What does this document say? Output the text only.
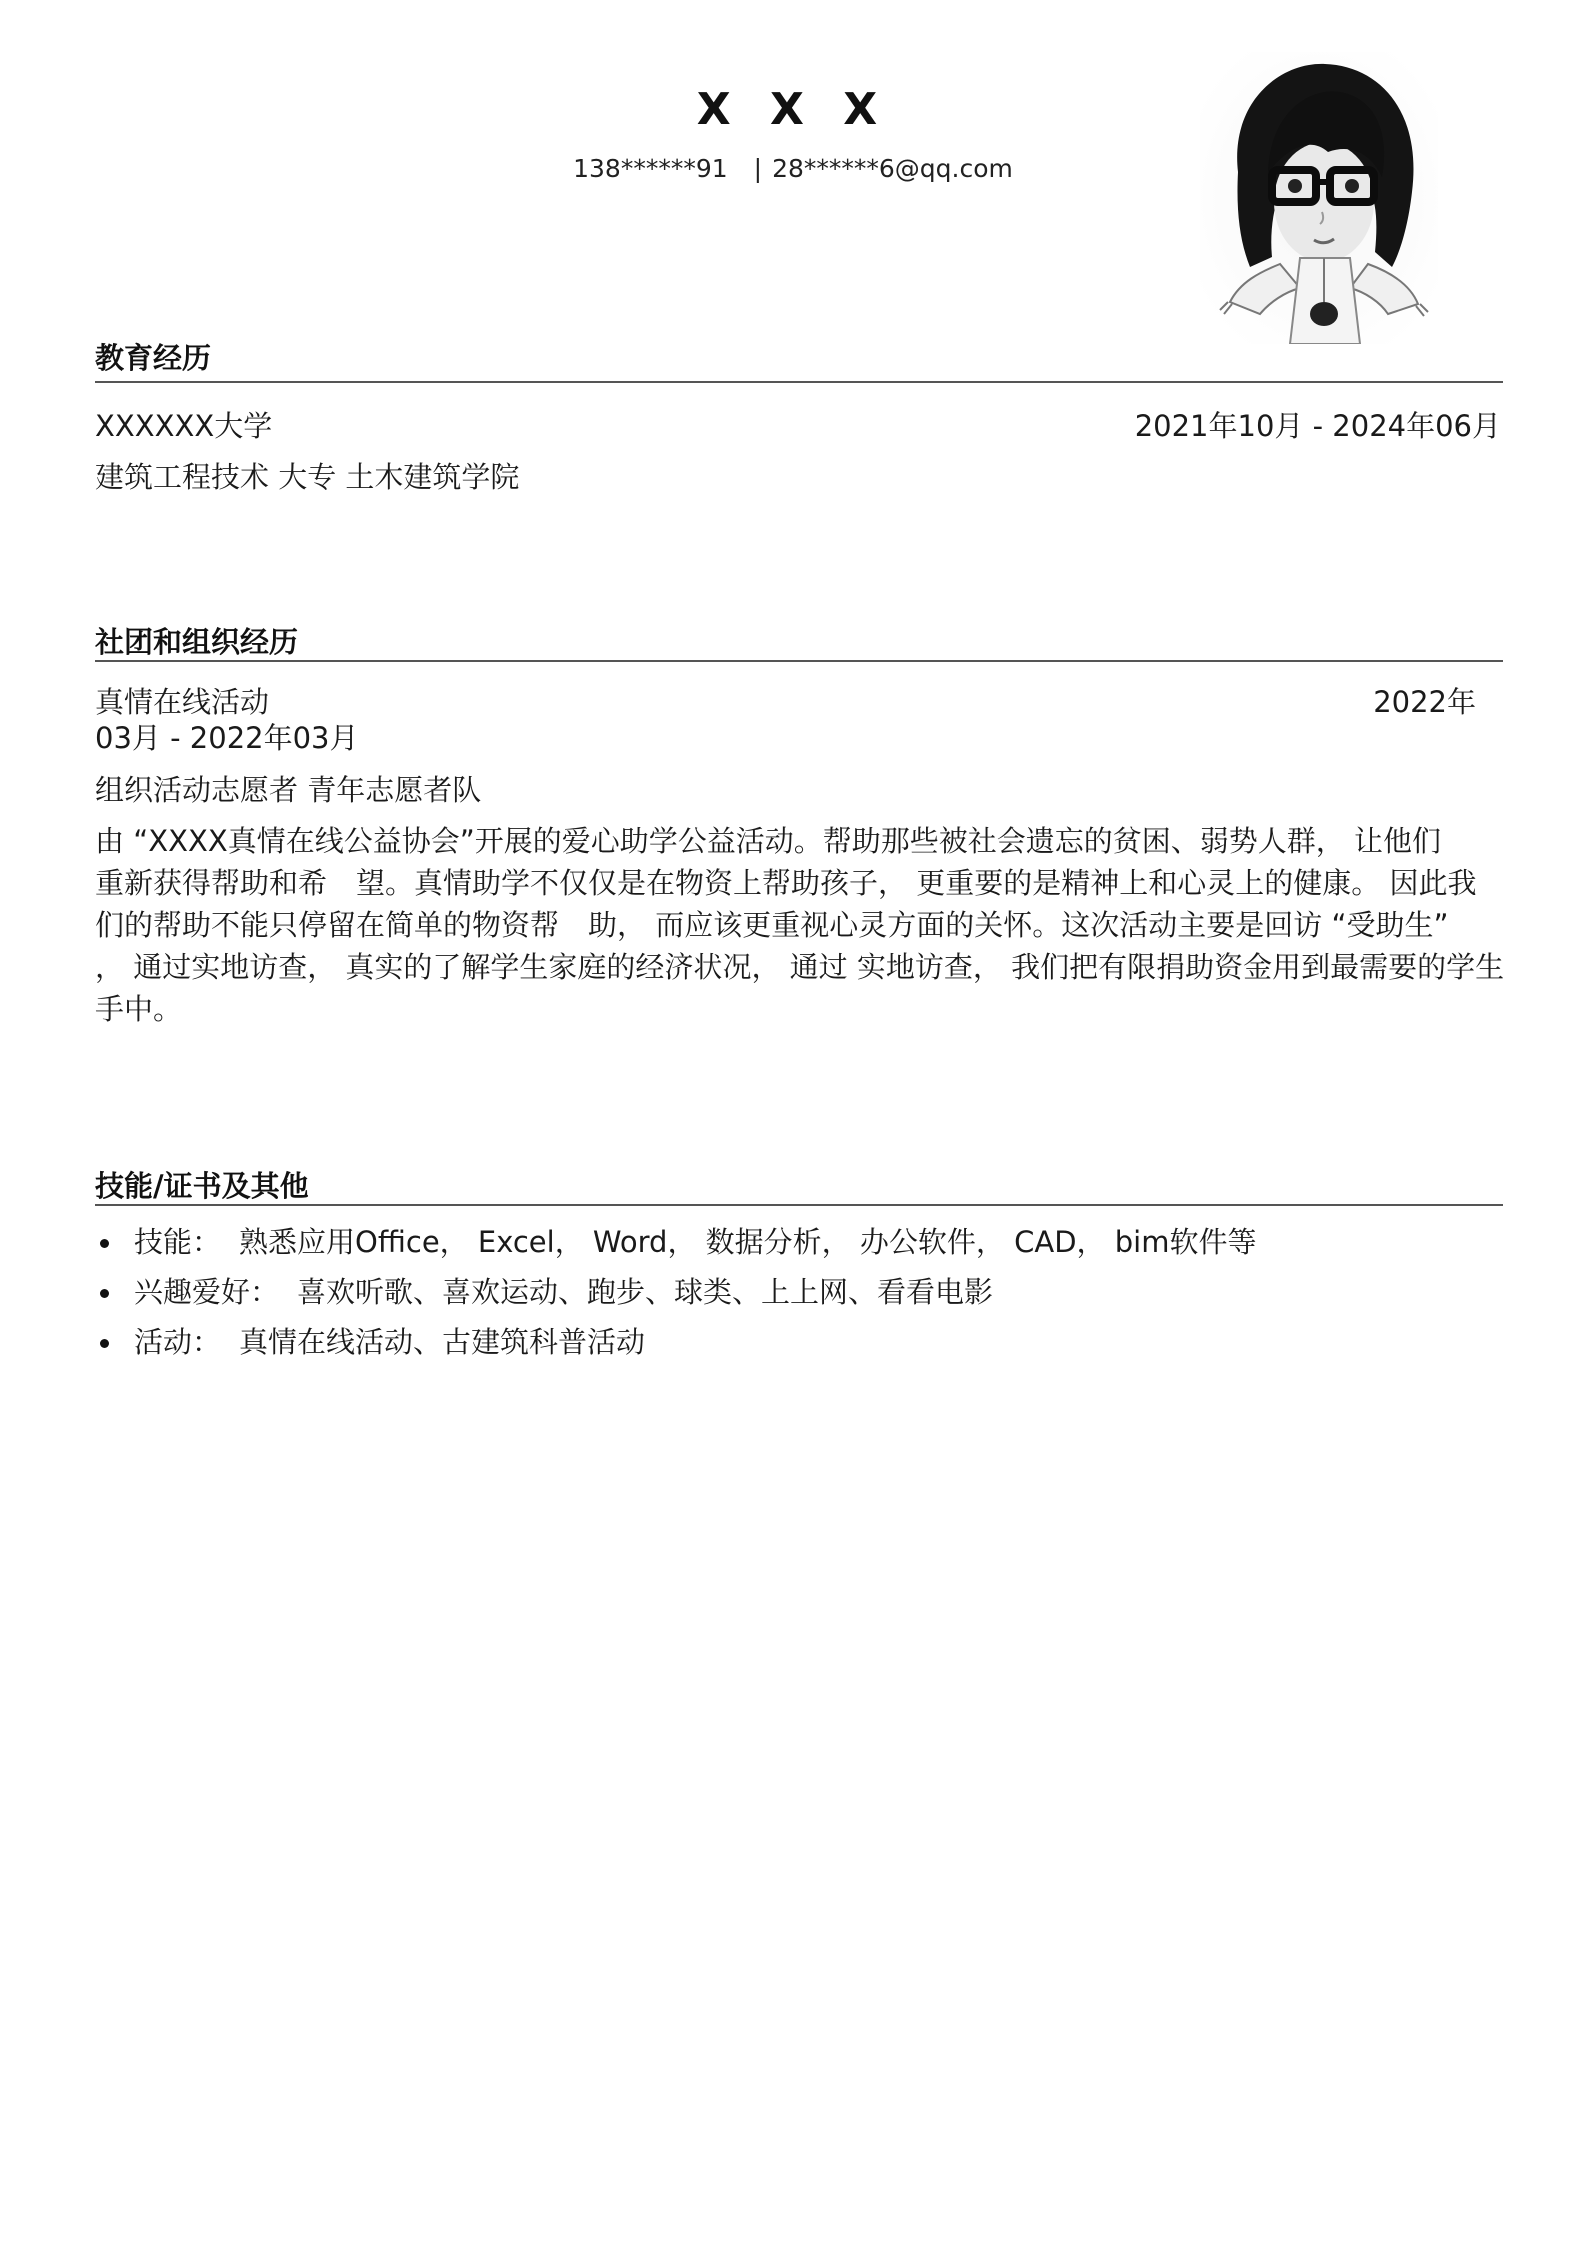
X X X
138******91 | 28******6@qq.com
教育经历
XXXXXX大学	2021年10月 - 2024年06月
建筑工程技术 大专 土木建筑学院
社团和组织经历
真情在线活动	2022年
03月 - 2022年03月
组织活动志愿者 青年志愿者队
由 “XXXX真情在线公益协会”开展的爱心助学公益活动。帮助那些被社会遗忘的贫困、弱势人群， 让他们
重新获得帮助和希　望。真情助学不仅仅是在物资上帮助孩子， 更重要的是精神上和心灵上的健康。 因此我
们的帮助不能只停留在简单的物资帮　助， 而应该更重视心灵方面的关怀。这次活动主要是回访 “受助生”
， 通过实地访查， 真实的了解学生家庭的经济状况， 通过 实地访查， 我们把有限捐助资金用到最需要的学生
手中。
技能/证书及其他
技能： 熟悉应用Office， Excel， Word， 数据分析， 办公软件， CAD， bim软件等
兴趣爱好： 喜欢听歌、喜欢运动、跑步、球类、上上网、看看电影
活动： 真情在线活动、古建筑科普活动
